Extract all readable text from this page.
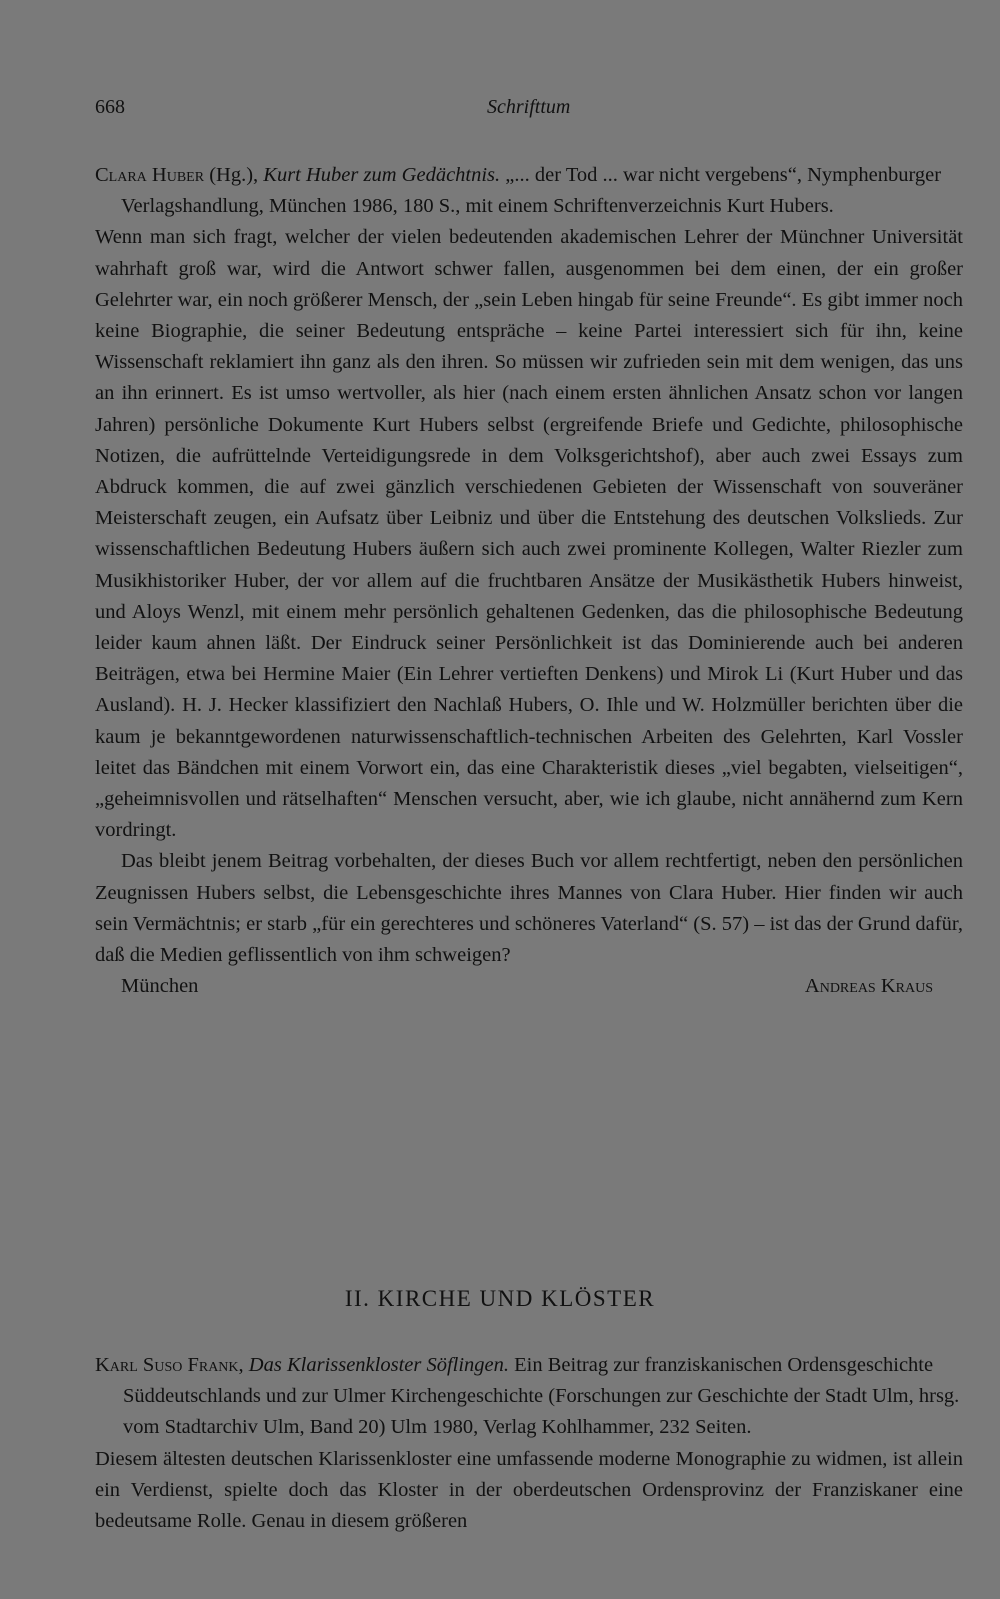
668	Schrifttum
Clara Huber (Hg.), Kurt Huber zum Gedächtnis. „... der Tod ... war nicht vergebens“, Nymphenburger Verlagshandlung, München 1986, 180 S., mit einem Schriftenverzeichnis Kurt Hubers.
Wenn man sich fragt, welcher der vielen bedeutenden akademischen Lehrer der Münchner Universität wahrhaft groß war, wird die Antwort schwer fallen, ausgenommen bei dem einen, der ein großer Gelehrter war, ein noch größerer Mensch, der „sein Leben hingab für seine Freunde“. Es gibt immer noch keine Biographie, die seiner Bedeutung entspräche – keine Partei interessiert sich für ihn, keine Wissenschaft reklamiert ihn ganz als den ihren. So müssen wir zufrieden sein mit dem wenigen, das uns an ihn erinnert. Es ist umso wertvoller, als hier (nach einem ersten ähnlichen Ansatz schon vor langen Jahren) persönliche Dokumente Kurt Hubers selbst (ergreifende Briefe und Gedichte, philosophische Notizen, die aufrüttelnde Verteidigungsrede in dem Volksgerichtshof), aber auch zwei Essays zum Abdruck kommen, die auf zwei gänzlich verschiedenen Gebieten der Wissenschaft von souveräner Meisterschaft zeugen, ein Aufsatz über Leibniz und über die Entstehung des deutschen Volkslieds. Zur wissenschaftlichen Bedeutung Hubers äußern sich auch zwei prominente Kollegen, Walter Riezler zum Musikhistoriker Huber, der vor allem auf die fruchtbaren Ansätze der Musikästhetik Hubers hinweist, und Aloys Wenzl, mit einem mehr persönlich gehaltenen Gedenken, das die philosophische Bedeutung leider kaum ahnen läßt. Der Eindruck seiner Persönlichkeit ist das Dominierende auch bei anderen Beiträgen, etwa bei Hermine Maier (Ein Lehrer vertieften Denkens) und Mirok Li (Kurt Huber und das Ausland). H. J. Hecker klassifiziert den Nachlaß Hubers, O. Ihle und W. Holzmüller berichten über die kaum je bekanntgewordenen naturwissenschaftlich-technischen Arbeiten des Gelehrten, Karl Vossler leitet das Bändchen mit einem Vorwort ein, das eine Charakteristik dieses „viel begabten, vielseitigen“, „geheimnisvollen und rätselhaften“ Menschen versucht, aber, wie ich glaube, nicht annähernd zum Kern vordringt.
Das bleibt jenem Beitrag vorbehalten, der dieses Buch vor allem rechtfertigt, neben den persönlichen Zeugnissen Hubers selbst, die Lebensgeschichte ihres Mannes von Clara Huber. Hier finden wir auch sein Vermächtnis; er starb „für ein gerechteres und schöneres Vaterland“ (S. 57) – ist das der Grund dafür, daß die Medien geflissentlich von ihm schweigen?
München	Andreas Kraus
II. KIRCHE UND KLÖSTER
Karl Suso Frank, Das Klarissenkloster Söflingen. Ein Beitrag zur franziskanischen Ordensgeschichte Süddeutschlands und zur Ulmer Kirchengeschichte (Forschungen zur Geschichte der Stadt Ulm, hrsg. vom Stadtarchiv Ulm, Band 20) Ulm 1980, Verlag Kohlhammer, 232 Seiten.
Diesem ältesten deutschen Klarissenkloster eine umfassende moderne Monographie zu widmen, ist allein ein Verdienst, spielte doch das Kloster in der oberdeutschen Ordensprovinz der Franziskaner eine bedeutsame Rolle. Genau in diesem größeren
